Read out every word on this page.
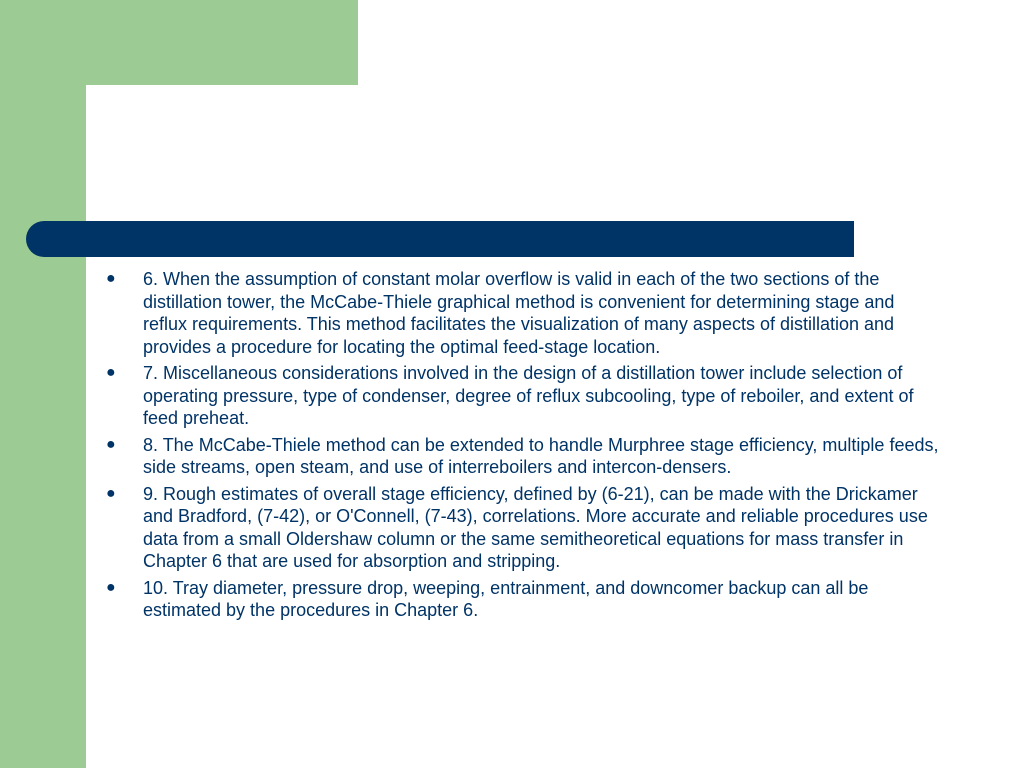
● 6. When the assumption of constant molar overflow is valid in each of the two sections of the distillation tower, the McCabe-Thiele graphical method is convenient for determining stage and reflux requirements. This method facilitates the visualization of many aspects of distillation and provides a procedure for locating the optimal feed-stage location.
● 7. Miscellaneous considerations involved in the design of a distillation tower include selection of operating pressure, type of condenser, degree of reflux subcooling, type of reboiler, and extent of feed preheat.
● 8. The McCabe-Thiele method can be extended to handle Murphree stage efficiency, multiple feeds, side streams, open steam, and use of interreboilers and intercon-densers.
● 9. Rough estimates of overall stage efficiency, defined by (6-21), can be made with the Drickamer and Bradford, (7-42), or O'Connell, (7-43), correlations. More accurate and reliable procedures use data from a small Oldershaw column or the same semitheoretical equations for mass transfer in Chapter 6 that are used for absorption and stripping.
● 10. Tray diameter, pressure drop, weeping, entrainment, and downcomer backup can all be estimated by the procedures in Chapter 6.
